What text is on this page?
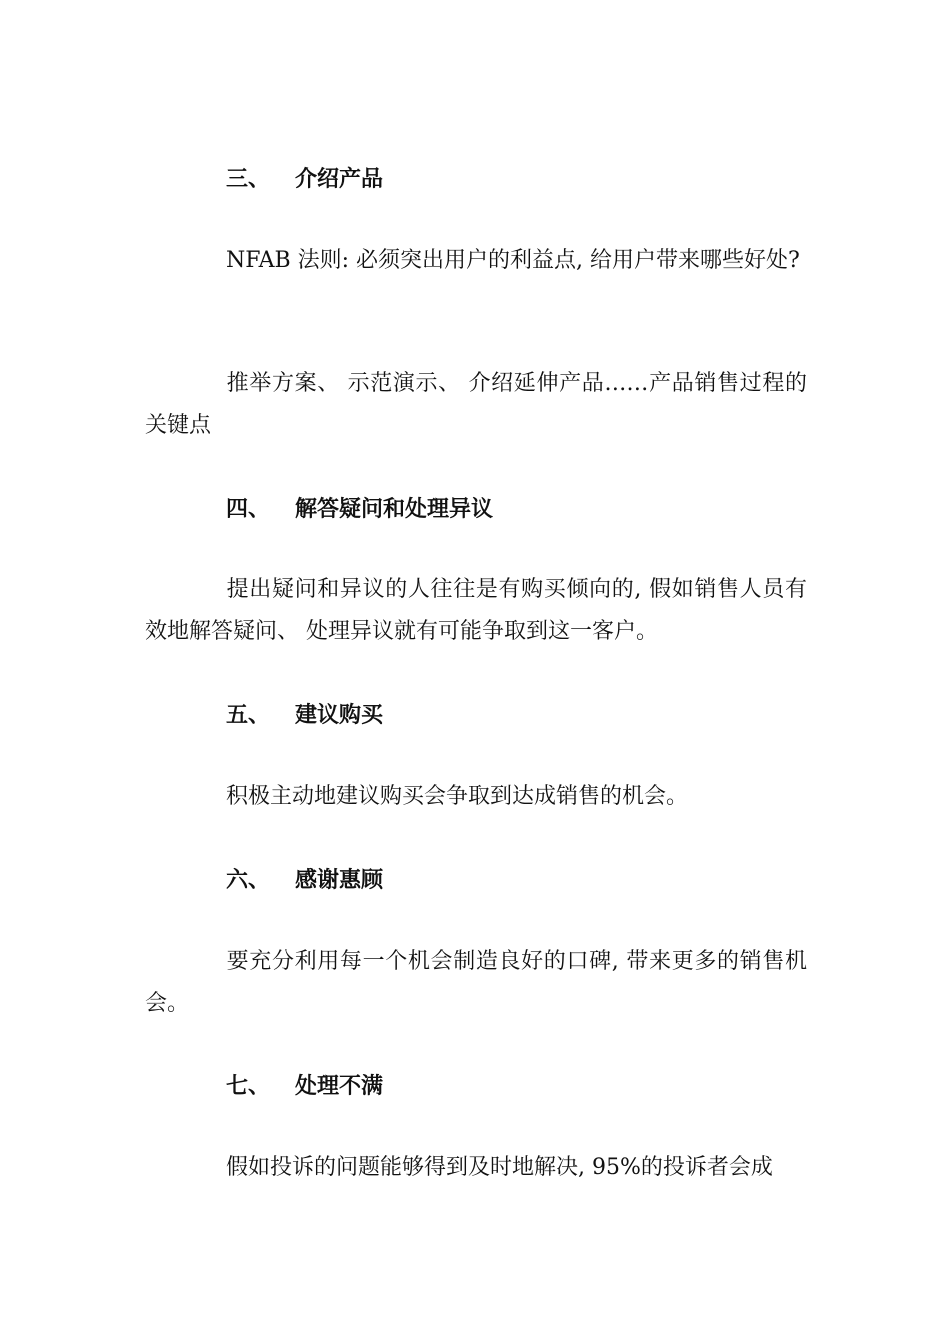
三、 介绍产品
NFAB 法则: 必须突出用户的利益点, 给用户带来哪些好处?
推举方案、 示范演示、 介绍延伸产品……产品销售过程的关键点
四、 解答疑问和处理异议
提出疑问和异议的人往往是有购买倾向的, 假如销售人员有效地解答疑问、 处理异议就有可能争取到这一客户。
五、 建议购买
积极主动地建议购买会争取到达成销售的机会。
六、 感谢惠顾
要充分利用每一个机会制造良好的口碑, 带来更多的销售机会。
七、 处理不满
假如投诉的问题能够得到及时地解决, 95%的投诉者会成
